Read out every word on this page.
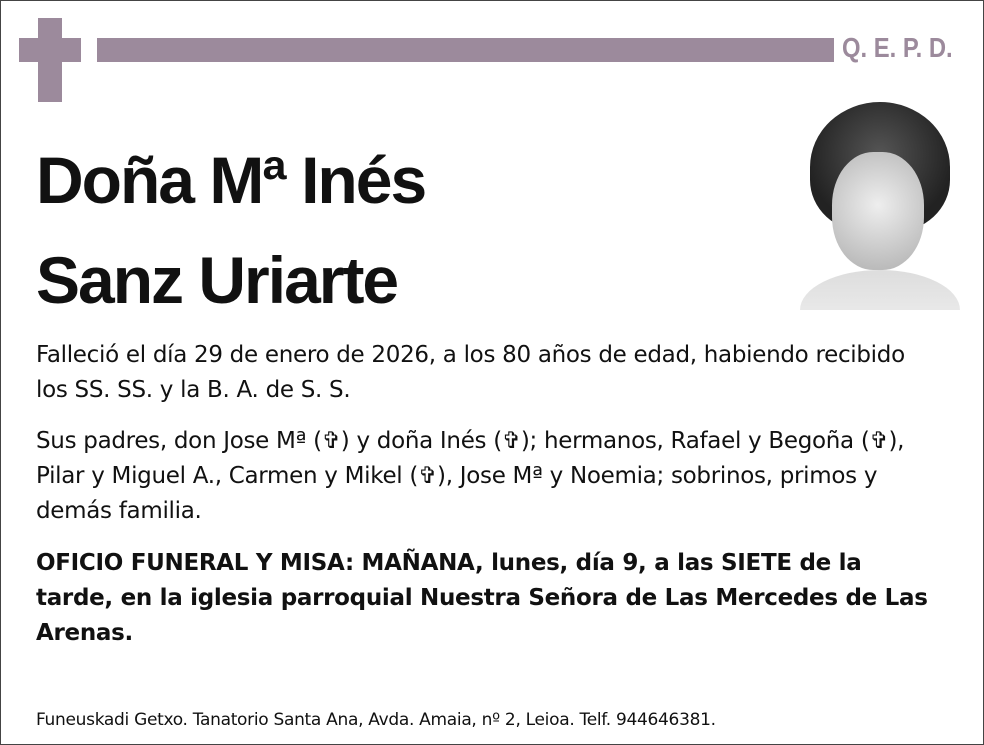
Q. E. P. D.
Doña Mª Inés
Sanz Uriarte
Falleció el día 29 de enero de 2026, a los 80 años de edad, habiendo recibido los SS. SS. y la B. A. de S. S.
Sus padres, don Jose Mª (✞) y doña Inés (✞); hermanos, Rafael y Begoña (✞), Pilar y Miguel A., Carmen y Mikel (✞), Jose Mª y Noemia; sobrinos, primos y demás familia.
OFICIO FUNERAL Y MISA: MAÑANA, lunes, día 9, a las SIETE de la tarde, en la iglesia parroquial Nuestra Señora de Las Mercedes de Las Arenas.
Funeuskadi Getxo. Tanatorio Santa Ana, Avda. Amaia, nº 2, Leioa. Telf. 944646381.
